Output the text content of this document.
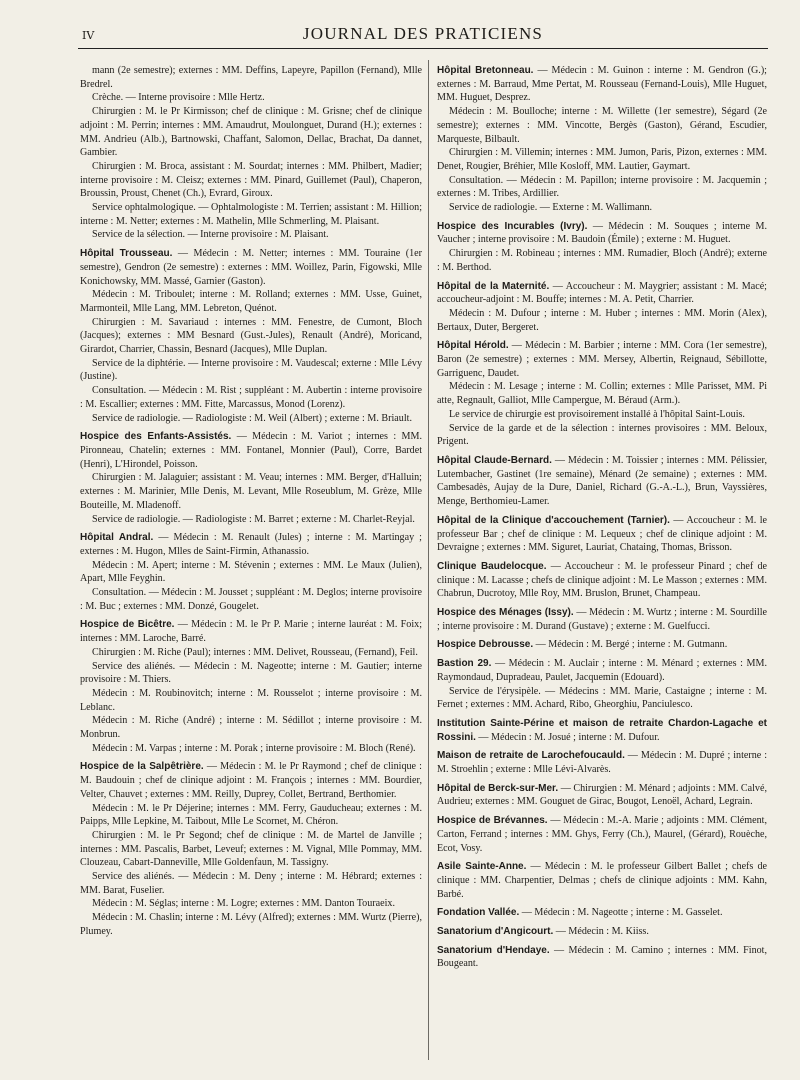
IV	JOURNAL DES PRATICIENS
mann (2e semestre); externes : MM. Deffins, Lapeyre, Papillon (Fernand), Mlle Bredrel.
Crèche. — Interne provisoire : Mlle Hertz.
Chirurgien : M. le Pr Kirmisson; chef de clinique : M. Grisne; chef de clinique adjoint : M. Perrin; internes : MM. Amaudrut, Moulonguet, Durand (H.); externes : MM. Andrieu (Alb.), Bartnowski, Chaffant, Salomon, Dellac, Brachat, Da dannet, Gambier.
Chirurgien : M. Broca, assistant : M. Sourdat; internes : MM. Philbert, Madier; interne provisoire : M. Cleisz; externes : MM. Pinard, Guillemet (Paul), Chaperon, Broussin, Proust, Chenet (Ch.), Evrard, Giroux.
Service ophtalmologique. — Ophtalmologiste : M. Terrien; assistant : M. Hillion; interne : M. Netter; externes : M. Mathelin, Mlle Schmerling, M. Plaisant.
Service de la sélection. — Interne provisoire : M. Plaisant.
Hôpital Trousseau. — Médecin : M. Netter; internes : MM. Touraine (1er semestre), Gendron (2e semestre) : externes : MM. Woillez, Parin, Figowski, Mlle Konichowsky, MM. Massé, Garnier (Gaston).
Médecin : M. Triboulet; interne : M. Rolland; externes : MM. Usse, Guinet, Marmonteil, Mlle Lang, MM. Lebreton, Quénot.
Chirurgien : M. Savariaud : internes : MM. Fenestre, de Cumont, Bloch (Jacques); externes : MM Besnard (Gust.-Jules), Renault (André), Moricand, Girardot, Charrier, Chassin, Besnard (Jacques), Mlle Duplan.
Service de la diphtérie. — Interne provisoire : M. Vaudescal; externe : Mlle Lévy (Justine).
Consultation. — Médecin : M. Rist ; suppléant : M. Aubertin : interne provisoire : M. Escallier; externes : MM. Fitte, Marcassus, Monod (Lorenz).
Service de radiologie. — Radiologiste : M. Weil (Albert) ; externe : M. Briault.
Hospice des Enfants-Assistés. — Médecin : M. Variot ; internes : MM. Pironneau, Chatelin; externes : MM. Fontanel, Monnier (Paul), Corre, Bardet (Henri), L'Hirondel, Poisson.
Chirurgien : M. Jalaguier; assistant : M. Veau; internes : MM. Berger, d'Halluin; externes : M. Marinier, Mlle Denis, M. Levant, Mlle Roseublum, M. Grèze, Mlle Bouteille, M. Mladenoff.
Service de radiologie. — Radiologiste : M. Barret ; externe : M. Charlet-Reyjal.
Hôpital Andral. — Médecin : M. Renault (Jules) ; interne : M. Martingay ; externes : M. Hugon, Mlles de Saint-Firmin, Athanassio.
Médecin : M. Apert; interne : M. Stévenin ; externes : MM. Le Maux (Julien), Apart, Mlle Feyghin.
Consultation. — Médecin : M. Jousset ; suppléant : M. Deglos; interne provisoire : M. Buc ; externes : MM. Donzé, Gougelet.
Hospice de Bicêtre. — Médecin : M. le Pr P. Marie ; interne lauréat : M. Foix; internes : MM. Laroche, Barré.
Chirurgien : M. Riche (Paul); internes : MM. Delivet, Rousseau, (Fernand), Feil.
Service des aliénés. — Médecin : M. Nageotte; interne : M. Gautier; interne provisoire : M. Thiers.
Médecin : M. Roubinovitch; interne : M. Rousselot ; interne provisoire : M. Leblanc.
Médecin : M. Riche (André) ; interne : M. Sédillot ; interne provisoire : M. Monbrun.
Médecin : M. Varpas ; interne : M. Porak ; interne provisoire : M. Bloch (René).
Hospice de la Salpêtrière. — Médecin : M. le Pr Raymond ; chef de clinique : M. Baudouin ; chef de clinique adjoint : M. François ; internes : MM. Bourdier, Velter, Chauvet ; externes : MM. Reilly, Duprey, Collet, Bertrand, Berthomier.
Médecin : M. le Pr Déjerine; internes : MM. Ferry, Gauducheau; externes : M. Paipps, Mlle Lepkine, M. Taibout, Mlle Le Scornet, M. Chéron.
Chirurgien : M. le Pr Segond; chef de clinique : M. de Martel de Janville ; internes : MM. Pascalis, Barbet, Leveuf; externes : M. Vignal, Mlle Pommay, MM. Clouzeau, Cabart-Danneville, Mlle Goldenfaun, M. Tassigny.
Service des aliénés. — Médecin : M. Deny ; interne : M. Hébrard; externes : MM. Barat, Fuselier.
Médecin : M. Séglas; interne : M. Logre; externes : MM. Danton Touraeix.
Médecin : M. Chaslin; interne : M. Lévy (Alfred); externes : MM. Wurtz (Pierre), Plumey.
Hôpital Bretonneau. — Médecin : M. Guinon : interne : M. Gendron (G.); externes : M. Barraud, Mme Pertat, M. Rousseau (Fernand-Louis), Mlle Huguet, MM. Huguet, Desprez.
Médecin : M. Boulloche; interne : M. Willette (1er semestre), Ségard (2e semestre); externes : MM. Vincotte, Bergès (Gaston), Gérand, Escudier, Marqueste, Bilbault.
Chirurgien : M. Villemin; internes : MM. Jumon, Paris, Pizon, externes : MM. Denet, Rougier, Bréhier, Mlle Kosloff, MM. Lautier, Gaymart.
Consultation. — Médecin : M. Papillon; interne provisoire : M. Jacquemin ; externes : M. Tribes, Ardillier.
Service de radiologie. — Externe : M. Wallimann.
Hospice des Incurables (Ivry). — Médecin : M. Souques ; interne M. Vaucher ; interne provisoire : M. Baudoin (Émile) ; externe : M. Huguet.
Chirurgien : M. Robineau ; internes : MM. Rumadier, Bloch (André); externe : M. Berthod.
Hôpital de la Maternité. — Accoucheur : M. Maygrier; assistant : M. Macé; accoucheur-adjoint : M. Bouffe; internes : M. A. Petit, Charrier.
Médecin : M. Dufour ; interne : M. Huber ; internes : MM. Morin (Alex), Bertaux, Duter, Bergeret.
Hôpital Hérold. — Médecin : M. Barbier ; interne : MM. Cora (1er semestre), Baron (2e semestre) ; externes : MM. Mersey, Albertin, Reignaud, Sébillotte, Garriguenc, Daudet.
Médecin : M. Lesage ; interne : M. Collin; externes : Mlle Parisset, MM. Pi atte, Regnault, Galliot, Mlle Campergue, M. Béraud (Arm.).
Le service de chirurgie est provisoirement installé à l'hôpital Saint-Louis.
Service de la garde et de la sélection : internes provisoires : MM. Beloux, Prigent.
Hôpital Claude-Bernard. — Médecin : M. Toissier ; internes : MM. Pélissier, Lutembacher, Gastinet (1re semaine), Ménard (2e semaine) ; externes : MM. Cambesadès, Aujay de la Dure, Daniel, Richard (G.-A.-L.), Brun, Vayssières, Menge, Berthomieu-Lamer.
Hôpital de la Clinique d'accouchement (Tarnier). — Accoucheur : M. le professeur Bar ; chef de clinique : M. Lequeux ; chef de clinique adjoint : M. Devraigne ; externes : MM. Siguret, Lauriat, Chataing, Thomas, Brisson.
Clinique Baudelocque. — Accoucheur : M. le professeur Pinard ; chef de clinique : M. Lacasse ; chefs de clinique adjoint : M. Le Masson ; externes : MM. Chabrun, Ducrotoy, Mlle Roy, MM. Bruslon, Brunet, Champeau.
Hospice des Ménages (Issy). — Médecin : M. Wurtz ; interne : M. Sourdille ; interne provisoire : M. Durand (Gustave) ; externe : M. Guelfucci.
Hospice Debrousse. — Médecin : M. Bergé ; interne : M. Gutmann.
Bastion 29. — Médecin : M. Auclair ; interne : M. Ménard ; externes : MM. Raymondaud, Dupradeau, Paulet, Jacquemin (Edouard).
Service de l'érysipèle. — Médecins : MM. Marie, Castaigne ; interne : M. Fernet ; externes : MM. Achard, Ribo, Gheorghiu, Panciulesco.
Institution Sainte-Périne et maison de retraite Chardon-Lagache et Rossini. — Médecin : M. Josué ; interne : M. Dufour.
Maison de retraite de Larochefoucauld. — Médecin : M. Dupré ; interne : M. Stroehlin ; externe : Mlle Lévi-Alvarès.
Hôpital de Berck-sur-Mer. — Chirurgien : M. Ménard ; adjoints : MM. Calvé, Audrieu; externes : MM. Gouguet de Girac, Bougot, Lenoël, Achard, Legrain.
Hospice de Brévannes. — Médecin : M.-A. Marie ; adjoints : MM. Clément, Carton, Ferrand ; internes : MM. Ghys, Ferry (Ch.), Maurel, (Gérard), Rouèche, Ecot, Vosy.
Asile Sainte-Anne. — Médecin : M. le professeur Gilbert Ballet ; chefs de clinique : MM. Charpentier, Delmas ; chefs de clinique adjoints : MM. Kahn, Barbé.
Fondation Vallée. — Médecin : M. Nageotte ; interne : M. Gasselet.
Sanatorium d'Angicourt. — Médecin : M. Kiiss.
Sanatorium d'Hendaye. — Médecin : M. Camino ; internes : MM. Finot, Bougeant.
